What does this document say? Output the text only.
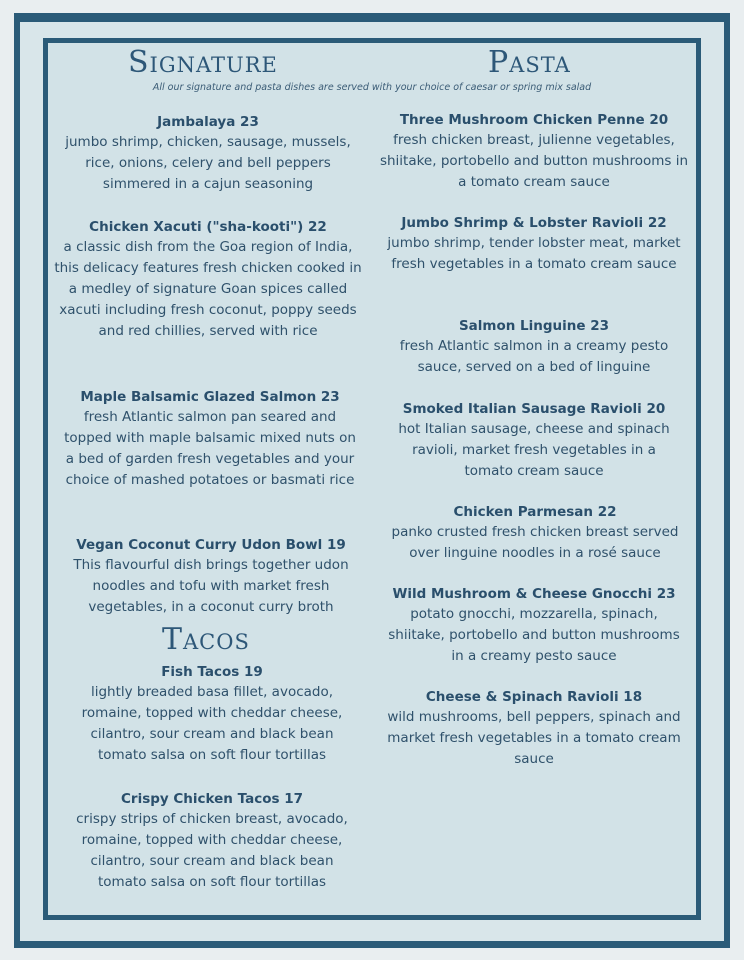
Signature	Pasta
All our signature and pasta dishes are served with your choice of caesar or spring mix salad
Jambalaya 23
jumbo shrimp, chicken, sausage, mussels, rice, onions, celery and bell peppers simmered in a cajun seasoning
Chicken Xacuti ("sha-kooti") 22
a classic dish from the Goa region of India, this delicacy features fresh chicken cooked in a medley of signature Goan spices called xacuti including fresh coconut, poppy seeds and red chillies, served with rice
Maple Balsamic Glazed Salmon 23
fresh Atlantic salmon pan seared and topped with maple balsamic mixed nuts on a bed of garden fresh vegetables and your choice of mashed potatoes or basmati rice
Vegan Coconut Curry Udon Bowl 19
This flavourful dish brings together udon noodles and tofu with market fresh vegetables, in a coconut curry broth
Tacos
Fish Tacos 19
lightly breaded basa fillet, avocado, romaine, topped with cheddar cheese, cilantro, sour cream and black bean tomato salsa on soft flour tortillas
Crispy Chicken Tacos 17
crispy strips of chicken breast, avocado, romaine, topped with cheddar cheese, cilantro, sour cream and black bean tomato salsa on soft flour tortillas
Three Mushroom Chicken Penne 20
fresh chicken breast, julienne vegetables, shiitake, portobello and button mushrooms in a tomato cream sauce
Jumbo Shrimp & Lobster Ravioli 22
jumbo shrimp, tender lobster meat, market fresh vegetables in a tomato cream sauce
Salmon Linguine 23
fresh Atlantic salmon in a creamy pesto sauce, served on a bed of linguine
Smoked Italian Sausage Ravioli 20
hot Italian sausage, cheese and spinach ravioli, market fresh vegetables in a tomato cream sauce
Chicken Parmesan 22
panko crusted fresh chicken breast served over linguine noodles in a rosé sauce
Wild Mushroom & Cheese Gnocchi 23
potato gnocchi, mozzarella, spinach, shiitake, portobello and button mushrooms in a creamy pesto sauce
Cheese & Spinach Ravioli 18
wild mushrooms, bell peppers, spinach and market fresh vegetables in a tomato cream sauce
